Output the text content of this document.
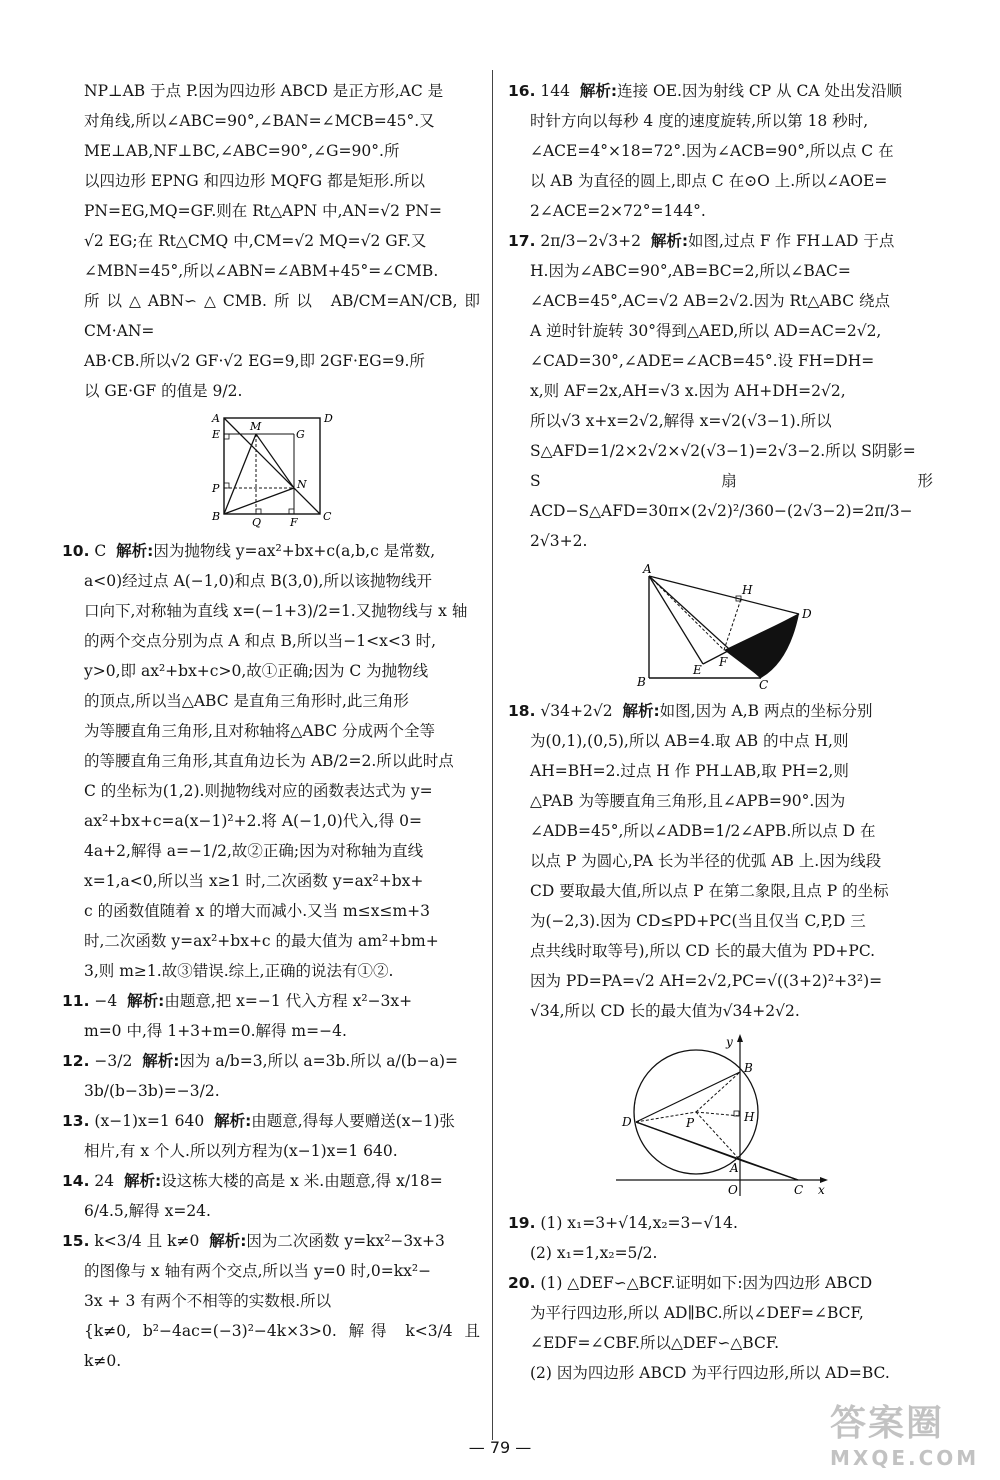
NP⊥AB 于点 P.因为四边形 ABCD 是正方形,AC 是

对角线,所以∠ABC=90°,∠BAN=∠MCB=45°.又

ME⊥AB,NF⊥BC,∠ABC=90°,∠G=90°.所

以四边形 EPNG 和四边形 MQFG 都是矩形.所以

PN=EG,MQ=GF.则在 Rt△APN 中,AN=√2 PN=

√2 EG;在 Rt△CMQ 中,CM=√2 MQ=√2 GF.又

∠MBN=45°,所以∠ABN=∠ABM+45°=∠CMB.

所以△ABN∽△CMB.所以 AB/CM=AN/CB,即 CM·AN=

AB·CB.所以√2 GF·√2 EG=9,即 2GF·EG=9.所

以 GE·GF 的值是 9/2.

A	D
E
M
G
P	N
B	Q	F C

10. C 解析:因为抛物线 y=ax²+bx+c(a,b,c 是常数,

a<0)经过点 A(−1,0)和点 B(3,0),所以该抛物线开

口向下,对称轴为直线 x=(−1+3)/2=1.又抛物线与 x 轴

的两个交点分别为点 A 和点 B,所以当−1<x<3 时,

y>0,即 ax²+bx+c>0,故①正确;因为 C 为抛物线

的顶点,所以当△ABC 是直角三角形时,此三角形

为等腰直角三角形,且对称轴将△ABC 分成两个全等

的等腰直角三角形,其直角边长为 AB/2=2.所以此时点

C 的坐标为(1,2).则抛物线对应的函数表达式为 y=

ax²+bx+c=a(x−1)²+2.将 A(−1,0)代入,得 0=

4a+2,解得 a=−1/2,故②正确;因为对称轴为直线

x=1,a<0,所以当 x≥1 时,二次函数 y=ax²+bx+

c 的函数值随着 x 的增大而减小.又当 m≤x≤m+3

时,二次函数 y=ax²+bx+c 的最大值为 am²+bm+

3,则 m≥1.故③错误.综上,正确的说法有①②.

11. −4 解析:由题意,把 x=−1 代入方程 x²−3x+

m=0 中,得 1+3+m=0.解得 m=−4.

12. −3/2 解析:因为 a/b=3,所以 a=3b.所以 a/(b−a)=

3b/(b−3b)=−3/2.

13. (x−1)x=1 640 解析:由题意,得每人要赠送(x−1)张

相片,有 x 个人.所以列方程为(x−1)x=1 640.

14. 24 解析:设这栋大楼的高是 x 米.由题意,得 x/18=

6/4.5,解得 x=24.

15. k<3/4 且 k≠0 解析:因为二次函数 y=kx²−3x+3

的图像与 x 轴有两个交点,所以当 y=0 时,0=kx²−

3x + 3 有两个不相等的实数根.所以

{k≠0, b²−4ac=(−3)²−4k×3>0. 解得 k<3/4 且 k≠0.

16. 144 解析:连接 OE.因为射线 CP 从 CA 处出发沿顺

时针方向以每秒 4 度的速度旋转,所以第 18 秒时,

∠ACE=4°×18=72°.因为∠ACB=90°,所以点 C 在

以 AB 为直径的圆上,即点 C 在⊙O 上.所以∠AOE=

2∠ACE=2×72°=144°.

17. 2π/3−2√3+2 解析:如图,过点 F 作 FH⊥AD 于点

H.因为∠ABC=90°,AB=BC=2,所以∠BAC=

∠ACB=45°,AC=√2 AB=2√2.因为 Rt△ABC 绕点

A 逆时针旋转 30°得到△AED,所以 AD=AC=2√2,

∠CAD=30°,∠ADE=∠ACB=45°.设 FH=DH=

x,则 AF=2x,AH=√3 x.因为 AH+DH=2√2,

所以√3 x+x=2√2,解得 x=√2(√3−1).所以

S△AFD=1/2×2√2×√2(√3−1)=2√3−2.所以 S阴影=

S扇形ACD−S△AFD=30π×(2√2)²/360−(2√3−2)=2π/3−

2√3+2.

A
H
D
E
F
B	C

18. √34+2√2 解析:如图,因为 A,B 两点的坐标分别

为(0,1),(0,5),所以 AB=4.取 AB 的中点 H,则

AH=BH=2.过点 H 作 PH⊥AB,取 PH=2,则

△PAB 为等腰直角三角形,且∠APB=90°.因为

∠ADB=45°,所以∠ADB=1/2∠APB.所以点 D 在

以点 P 为圆心,PA 长为半径的优弧 AB 上.因为线段

CD 要取最大值,所以点 P 在第二象限,且点 P 的坐标

为(−2,3).因为 CD≤PD+PC(当且仅当 C,P,D 三

点共线时取等号),所以 CD 长的最大值为 PD+PC.

因为 PD=PA=√2 AH=2√2,PC=√((3+2)²+3²)=

√34,所以 CD 长的最大值为√34+2√2.

y
B
H
P
D
A
O	C x

19. (1) x₁=3+√14,x₂=3−√14.

(2) x₁=1,x₂=5/2.

20. (1) △DEF∽△BCF.证明如下:因为四边形 ABCD

为平行四边形,所以 AD∥BC.所以∠DEF=∠BCF,

∠EDF=∠CBF.所以△DEF∽△BCF.

(2) 因为四边形 ABCD 为平行四边形,所以 AD=BC.

— 79 —
答案圈
MXQE.COM
